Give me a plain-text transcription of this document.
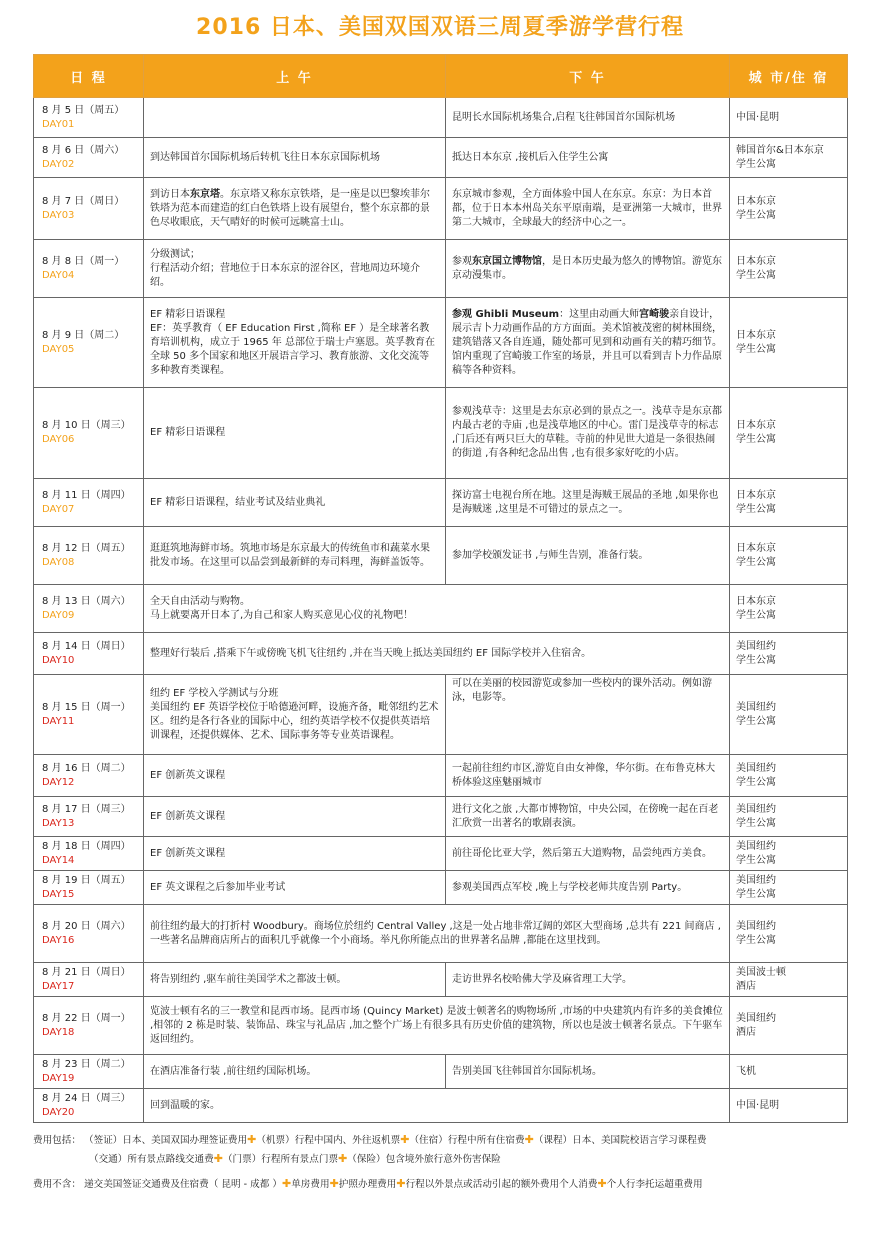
2016 日本、美国双国双语三周夏季游学营行程
日 程	上 午	下 午	城 市/住 宿
8 月 5 日（周五）
DAY01		昆明长水国际机场集合,启程飞往韩国首尔国际机场	中国·昆明
8 月 6 日（周六）
DAY02	到达韩国首尔国际机场后转机飞往日本东京国际机场	抵达日本东京 ,接机后入住学生公寓	韩国首尔&日本东京
学生公寓
8 月 7 日（周日）
DAY03	到访日本东京塔。东京塔又称东京铁塔，是一座是以巴黎埃菲尔铁塔为范本而建造的红白色铁塔上设有展望台，整个东京都的景色尽收眼底，天气晴好的时候可远眺富士山。	东京城市参观，全方面体验中国人在东京。东京：为日本首都，位于日本本州岛关东平原南端，是亚洲第一大城市，世界第二大城市，全球最大的经济中心之一。	日本东京
学生公寓
8 月 8 日（周一）
DAY04	分级测试；
行程活动介绍；营地位于日本东京的涩谷区，营地周边环境介绍。	参观东京国立博物馆，是日本历史最为悠久的博物馆。游览东京动漫集市。	日本东京
学生公寓
8 月 9 日（周二）
DAY05	EF 精彩日语课程
EF：英孚教育（ EF Education First ,简称 EF ）是全球著名教育培训机构，成立于 1965 年 总部位于瑞士卢塞恩。英孚教育在全球 50 多个国家和地区开展语言学习、教育旅游、文化交流等多种教育类课程。	参观 Ghibli Museum：这里由动画大师宫崎骏亲自设计，展示吉卜力动画作品的方方面面。美术馆被茂密的树林围绕，建筑错落又各自连通，随处都可见到和动画有关的精巧细节。馆内重现了宫崎骏工作室的场景，并且可以看到吉卜力作品原稿等各种资料。	日本东京
学生公寓
8 月 10 日（周三）
DAY06	EF 精彩日语课程	参观浅草寺：这里是去东京必到的景点之一。浅草寺是东京都内最古老的寺庙 ,也是浅草地区的中心。雷门是浅草寺的标志 ,门后还有两只巨大的草鞋。寺前的仲见世大道是一条很热闹的街道 ,有各种纪念品出售 ,也有很多家好吃的小店。	日本东京
学生公寓
8 月 11 日（周四）
DAY07	EF 精彩日语课程，结业考试及结业典礼	探访富士电视台所在地。这里是海贼王展品的圣地 ,如果你也是海贼迷 ,这里是不可错过的景点之一。	日本东京
学生公寓
8 月 12 日（周五）
DAY08	逛逛筑地海鲜市场。筑地市场是东京最大的传统鱼市和蔬菜水果批发市场。在这里可以品尝到最新鲜的寿司料理，海鲜盖饭等。	参加学校颁发证书 ,与师生告别，准备行装。	日本东京
学生公寓
8 月 13 日（周六）
DAY09	全天自由活动与购物。
马上就要离开日本了,为自己和家人购买意见心仪的礼物吧！		日本东京
学生公寓
8 月 14 日（周日）
DAY10	整理好行装后 ,搭乘下午或傍晚飞机飞往纽约 ,并在当天晚上抵达美国纽约 EF 国际学校并入住宿舍。		美国纽约
学生公寓
8 月 15 日（周一）
DAY11	纽约 EF 学校入学测试与分班
美国纽约 EF 英语学校位于哈德逊河畔，设施齐备，毗邻纽约艺术区。纽约是各行各业的国际中心，纽约英语学校不仅提供英语培训课程，还提供媒体、艺术、国际事务等专业英语课程。	可以在美丽的校园游览或参加一些校内的课外活动。例如游泳，电影等。	美国纽约
学生公寓
8 月 16 日（周二）
DAY12	EF 创新英文课程	一起前往纽约市区,游览自由女神像，华尔街。在布鲁克林大桥体验这座魅丽城市	美国纽约
学生公寓
8 月 17 日（周三）
DAY13	EF 创新英文课程	进行文化之旅 ,大都市博物馆，中央公园，在傍晚一起在百老汇欣赏一出著名的歌剧表演。	美国纽约
学生公寓
8 月 18 日（周四）
DAY14	EF 创新英文课程	前往哥伦比亚大学，然后第五大道购物，品尝纯西方美食。	美国纽约
学生公寓
8 月 19 日（周五）
DAY15	EF 英文课程之后参加毕业考试	参观美国西点军校 ,晚上与学校老师共度告别 Party。	美国纽约
学生公寓
8 月 20 日（周六）
DAY16	前往纽约最大的打折村 Woodbury。商场位於纽约 Central Valley ,这是一处占地非常辽阔的郊区大型商场 ,总共有 221 间商店 ,一些著名品牌商店所占的面积几乎就像一个小商场。举凡你所能点出的世界著名品牌 ,都能在这里找到。		美国纽约
学生公寓
8 月 21 日（周日）
DAY17	将告别纽约 ,驱车前往美国学术之都波士顿。	走访世界名校哈佛大学及麻省理工大学。	美国波士顿
酒店
8 月 22 日（周一）
DAY18	览波士顿有名的三一教堂和昆西市场。昆西市场 (Quincy Market) 是波士顿著名的购物场所 ,市场的中央建筑内有许多的美食摊位 ,相邻的 2 栋是时装、装饰品、珠宝与礼品店 ,加之整个广场上有很多具有历史价值的建筑物，所以也是波士顿著名景点。下午驱车返回纽约。		美国纽约
酒店
8 月 23 日（周二）
DAY19	在酒店准备行装 ,前往纽约国际机场。	告别美国飞往韩国首尔国际机场。	飞机
8 月 24 日（周三）
DAY20	回到温暖的家。		中国·昆明
费用包括： （签证）日本、美国双国办理签证费用✚（机票）行程中国内、外往返机票✚（住宿）行程中所有住宿费✚（课程）日本、美国院校语言学习课程费
（交通）所有景点路线交通费✚（门票）行程所有景点门票✚（保险）包含境外旅行意外伤害保险
费用不含： 递交美国签证交通费及住宿费（ 昆明 - 成都 ）✚单房费用✚护照办理费用✚行程以外景点或活动引起的额外费用个人消费✚个人行李托运超重费用
